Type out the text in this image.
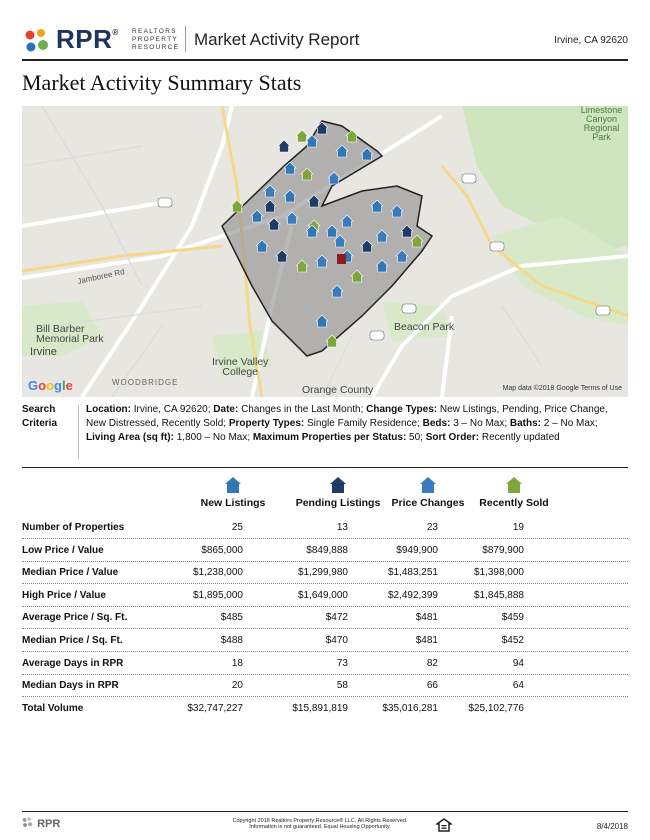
RPR® REALTORS
PROPERTY
RESOURCE Market Activity Report	Irvine, CA 92620
Market Activity Summary Stats
Limestone
Canyon
Regional Park
Bill Barber
Memorial Park
Irvine
Irvine Valley
College
WOODBRIDGE
Beacon Park
Orange County
Jamboree Rd
Google	Map data ©2018 Google Terms of Use
Search
Criteria
Location: Irvine, CA 92620; Date: Changes in the Last Month; Change Types: New Listings, Pending, Price Change, New Distressed, Recently Sold; Property Types: Single Family Residence; Beds: 3 – No Max; Baths: 2 – No Max; Living Area (sq ft): 1,800 – No Max; Maximum Properties per Status: 50; Sort Order: Recently updated
New Listings	Pending Listings	Price Changes	Recently Sold
Number of Properties	25	13	23	19
Low Price / Value	$865,000	$849,888	$949,900	$879,900
Median Price / Value	$1,238,000	$1,299,980	$1,483,251	$1,398,000
High Price / Value	$1,895,000	$1,649,000	$2,492,399	$1,845,888
Average Price / Sq. Ft.	$485	$472	$481	$459
Median Price / Sq. Ft.	$488	$470	$481	$452
Average Days in RPR	18	73	82	94
Median Days in RPR	20	58	66	64
Total Volume	$32,747,227	$15,891,819	$35,016,281	$25,102,776
RPR	Copyright 2018 Realtors Property Resource® LLC. All Rights Reserved.
Information is not guaranteed. Equal Housing Opportunity.	8/4/2018
